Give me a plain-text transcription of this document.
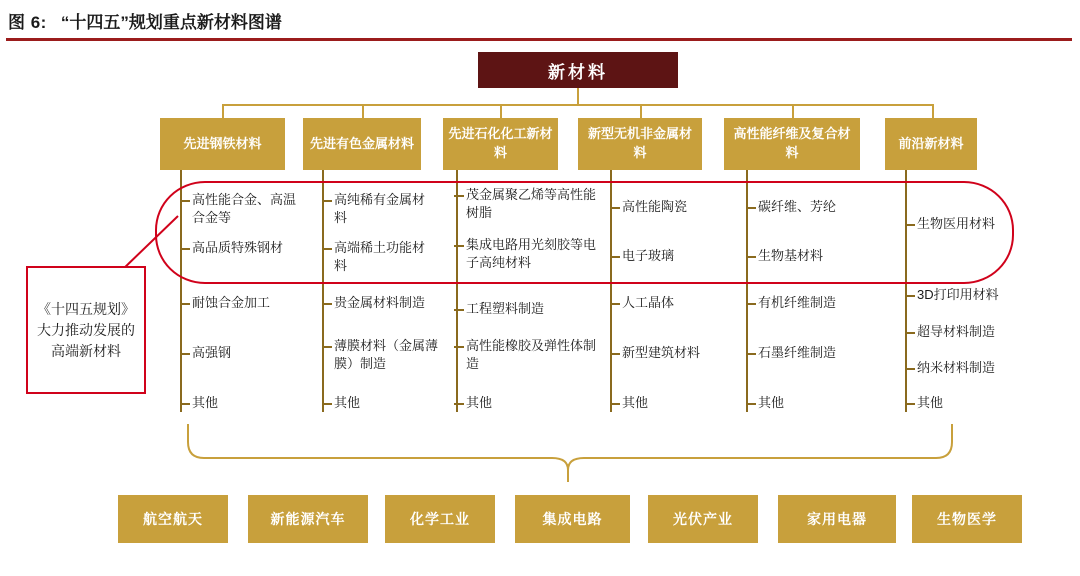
图 6: “十四五”规划重点新材料图谱
新材料
先进钢铁材料	先进有色金属材料
先进石化化工新材料
新型无机非金属材料
高性能纤维及复合材料
前沿新材料
高性能合金、高温合金等
高品质特殊钢材
耐蚀合金加工
高强钢
其他
高纯稀有金属材料
高端稀土功能材料
贵金属材料制造
薄膜材料（金属薄膜）制造
其他
茂金属聚乙烯等高性能树脂
集成电路用光刻胶等电子高纯材料
工程塑料制造
高性能橡胶及弹性体制造
其他
高性能陶瓷
电子玻璃
人工晶体
新型建筑材料
其他
碳纤维、芳纶
生物基材料
有机纤维制造
石墨纤维制造
其他
生物医用材料
3D打印用材料
超导材料制造
纳米材料制造
其他
《十四五规划》大力推动发展的高端新材料
航空航天	新能源汽车	化学工业	集成电路	光伏产业	家用电器	生物医学
